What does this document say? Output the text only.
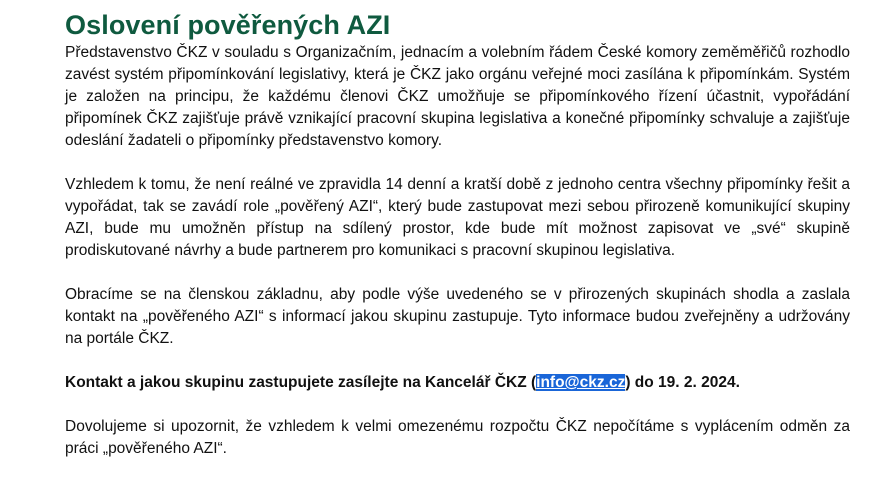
Oslovení pověřených AZI

Představenstvo ČKZ v souladu s Organizačním, jednacím a volebním řádem České komory zeměměřičů rozhodlo zavést systém připomínkování legislativy, která je ČKZ jako orgánu veřejné moci zasílána k připomínkám. Systém je založen na principu, že každému členovi ČKZ umožňuje se připomínkového řízení účastnit, vypořádání připomínek ČKZ zajišťuje právě vznikající pracovní skupina legislativa a konečné připomínky schvaluje a zajišťuje odeslání žadateli o připomínky představenstvo komory.

Vzhledem k tomu, že není reálné ve zpravidla 14 denní a kratší době z jednoho centra všechny připomínky řešit a vypořádat, tak se zavádí role „pověřený AZI“, který bude zastupovat mezi sebou přirozeně komunikující skupiny AZI, bude mu umožněn přístup na sdílený prostor, kde bude mít možnost zapisovat ve „své“ skupině prodiskutované návrhy a bude partnerem pro komunikaci s pracovní skupinou legislativa.

Obracíme se na členskou základnu, aby podle výše uvedeného se v přirozených skupinách shodla a zaslala kontakt na „pověřeného AZI“ s informací jakou skupinu zastupuje. Tyto informace budou zveřejněny a udržovány na portále ČKZ.

Kontakt a jakou skupinu zastupujete zasílejte na Kancelář ČKZ (info@ckz.cz) do 19. 2. 2024.

Dovolujeme si upozornit, že vzhledem k velmi omezenému rozpočtu ČKZ nepočítáme s vyplácením odměn za práci „pověřeného AZI“.
